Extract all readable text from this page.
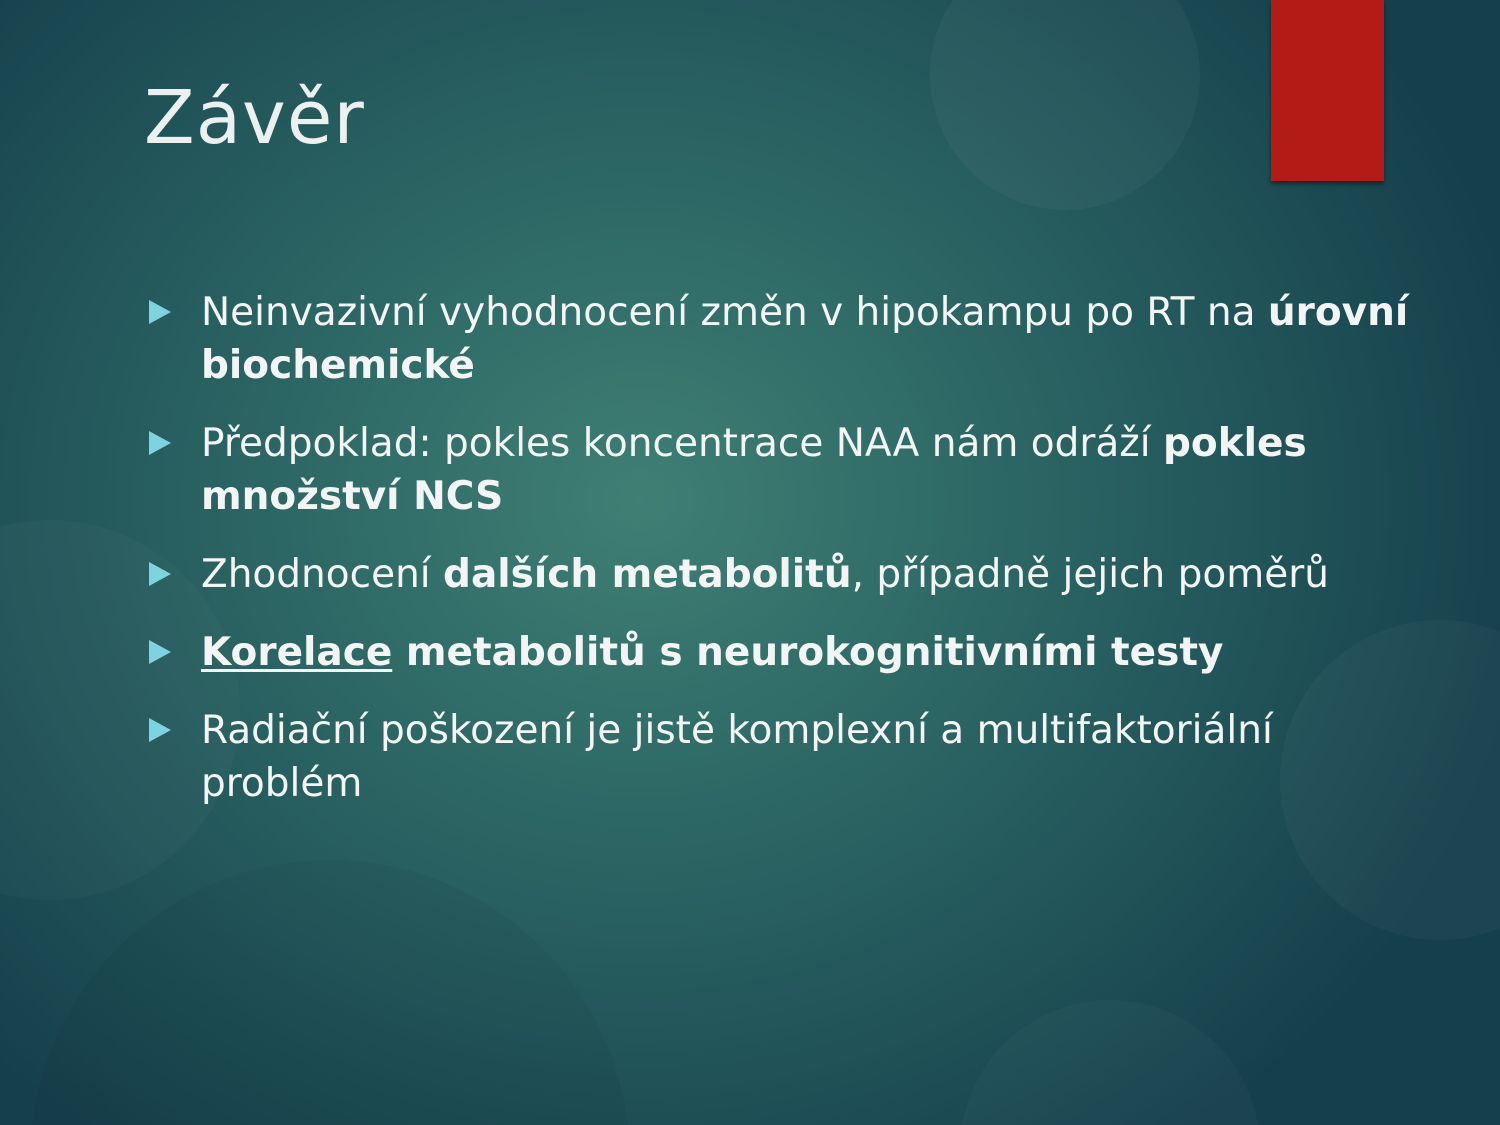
Závěr
Neinvazivní vyhodnocení změn v hipokampu po RT na úrovní biochemické
Předpoklad: pokles koncentrace NAA nám odráží pokles množství NCS
Zhodnocení dalších metabolitů, případně jejich poměrů
Korelace metabolitů s neurokognitivními testy
Radiační poškození je jistě komplexní a multifaktoriální problém
